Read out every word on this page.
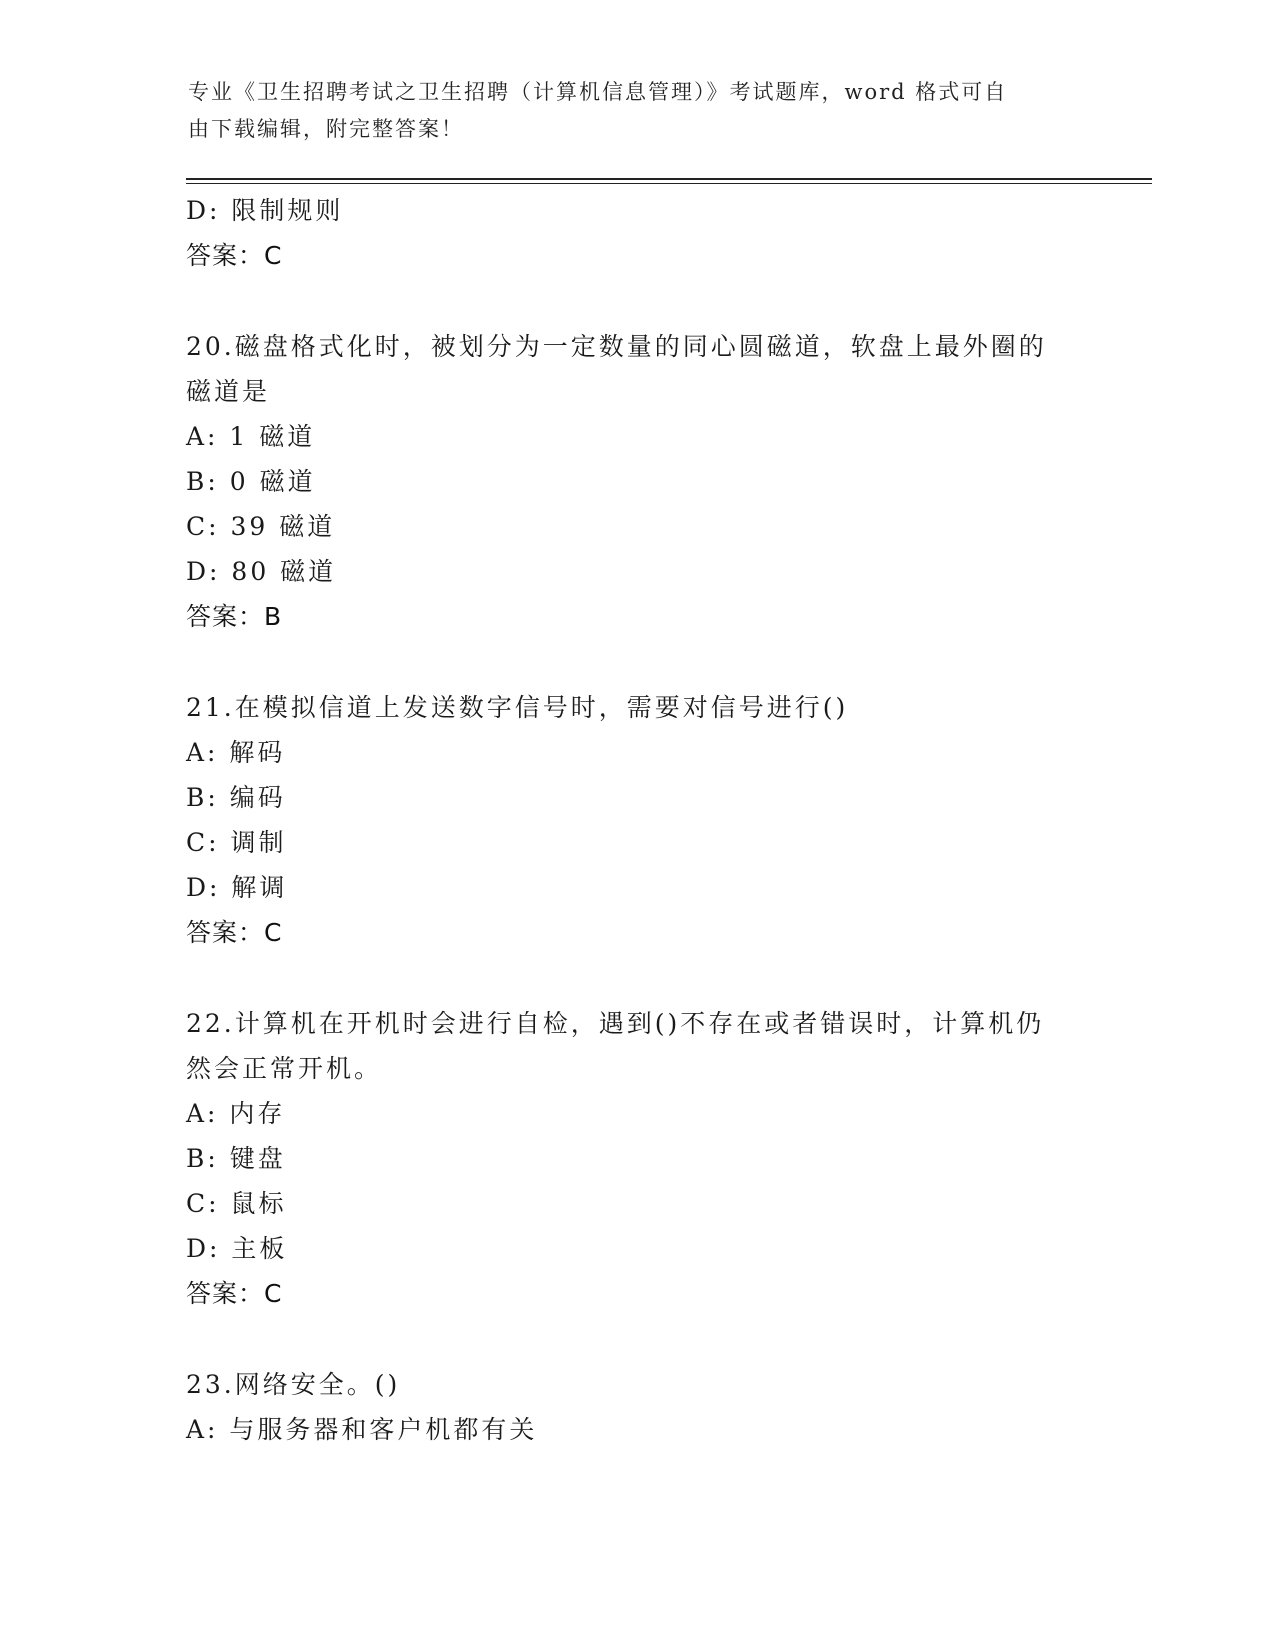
专业《卫生招聘考试之卫生招聘（计算机信息管理）》考试题库，word 格式可自
由下载编辑，附完整答案！
D: 限制规则
答案：C
20.磁盘格式化时，被划分为一定数量的同心圆磁道，软盘上最外圈的
磁道是
A: 1 磁道
B: 0 磁道
C: 39 磁道
D: 80 磁道
答案：B
21.在模拟信道上发送数字信号时，需要对信号进行()
A: 解码
B: 编码
C: 调制
D: 解调
答案：C
22.计算机在开机时会进行自检，遇到()不存在或者错误时，计算机仍
然会正常开机。
A: 内存
B: 键盘
C: 鼠标
D: 主板
答案：C
23.网络安全。()
A: 与服务器和客户机都有关
